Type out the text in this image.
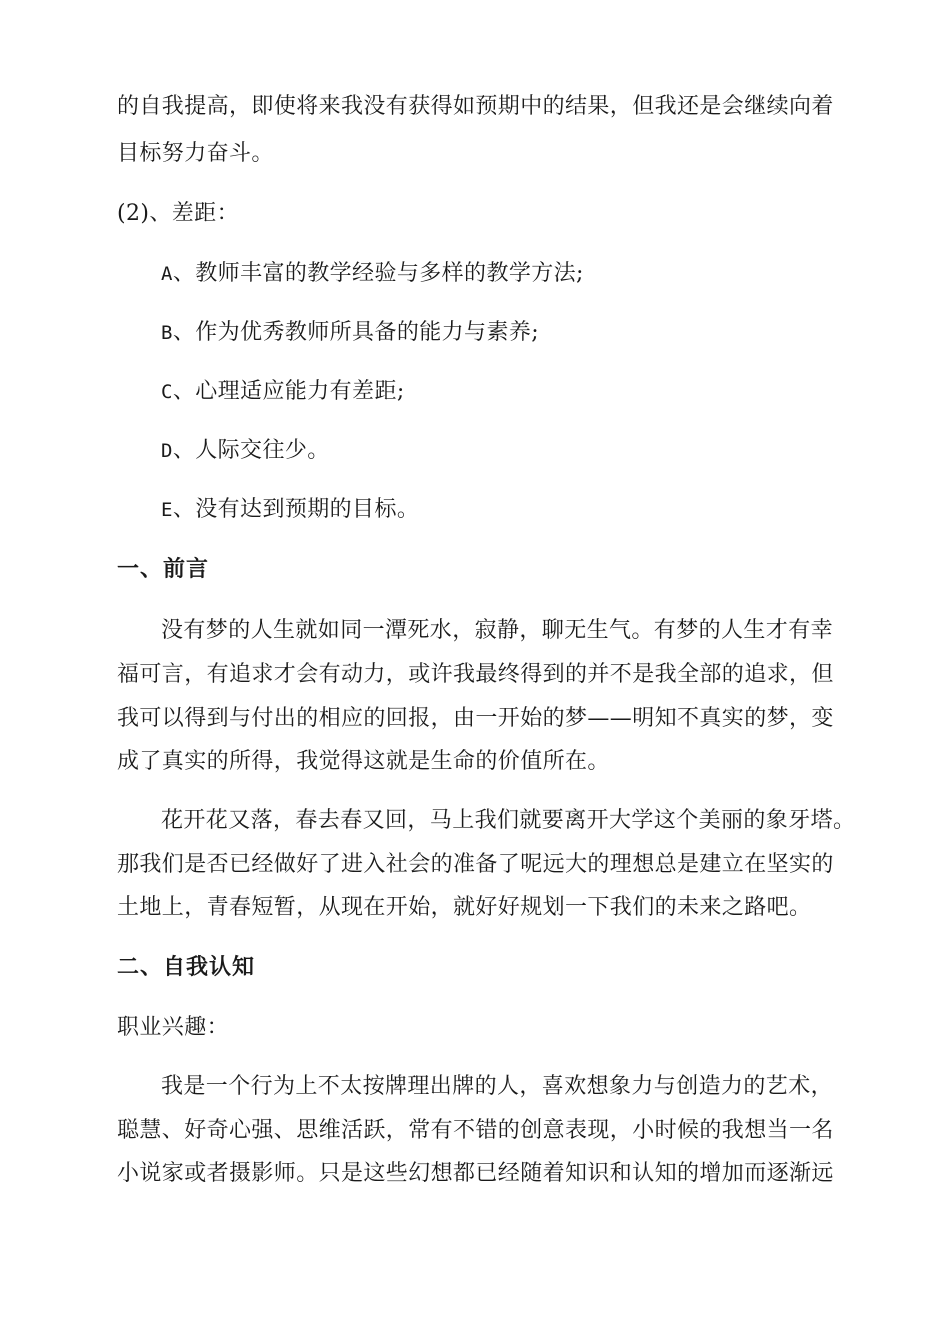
的自我提高，即使将来我没有获得如预期中的结果，但我还是会继续向着
目标努力奋斗。
(2)、差距：
A、教师丰富的教学经验与多样的教学方法;
B、作为优秀教师所具备的能力与素养;
C、心理适应能力有差距;
D、人际交往少。
E、没有达到预期的目标。
一、前言
没有梦的人生就如同一潭死水，寂静，聊无生气。有梦的人生才有幸
福可言，有追求才会有动力，或许我最终得到的并不是我全部的追求，但
我可以得到与付出的相应的回报，由一开始的梦——明知不真实的梦，变
成了真实的所得，我觉得这就是生命的价值所在。
花开花又落，春去春又回，马上我们就要离开大学这个美丽的象牙塔。
那我们是否已经做好了进入社会的准备了呢远大的理想总是建立在坚实的
土地上，青春短暂，从现在开始，就好好规划一下我们的未来之路吧。
二、自我认知
职业兴趣：
我是一个行为上不太按牌理出牌的人，喜欢想象力与创造力的艺术，
聪慧、好奇心强、思维活跃，常有不错的创意表现，小时候的我想当一名
小说家或者摄影师。只是这些幻想都已经随着知识和认知的增加而逐渐远
